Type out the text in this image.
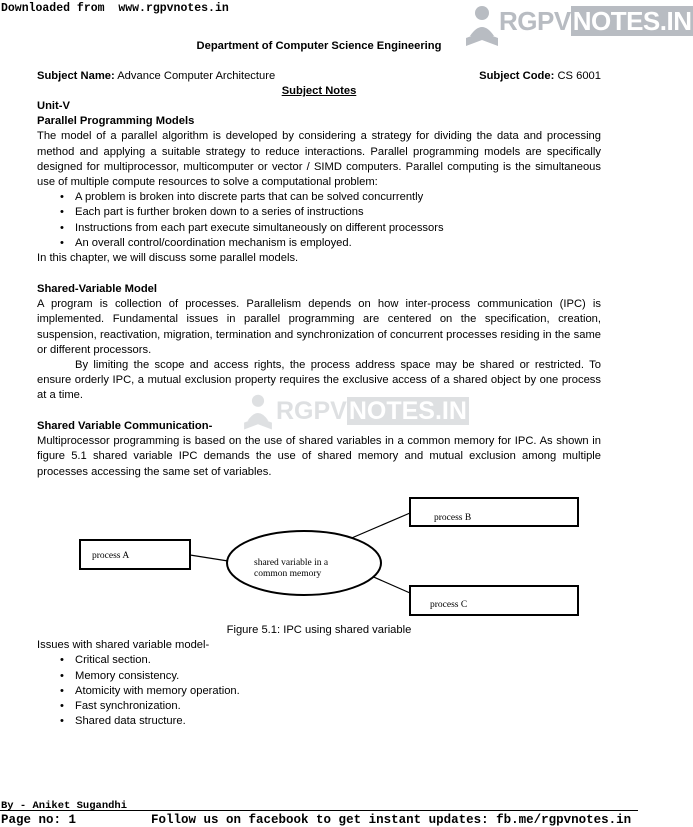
Downloaded from www.rgpvnotes.in	RGPVNOTES.IN
Department of Computer Science Engineering
Subject Name: Advance Computer Architecture	Subject Code: CS 6001
Subject Notes

Unit-V

Parallel Programming Models

The model of a parallel algorithm is developed by considering a strategy for dividing the data and processing method and applying a suitable strategy to reduce interactions. Parallel programming models are specifically designed for multiprocessor, multicomputer or vector / SIMD computers. Parallel computing is the simultaneous use of multiple compute resources to solve a computational problem:

• A problem is broken into discrete parts that can be solved concurrently
• Each part is further broken down to a series of instructions
• Instructions from each part execute simultaneously on different processors
• An overall control/coordination mechanism is employed.

In this chapter, we will discuss some parallel models.

Shared-Variable Model

A program is collection of processes. Parallelism depends on how inter-process communication (IPC) is implemented. Fundamental issues in parallel programming are centered on the specification, creation, suspension, reactivation, migration, termination and synchronization of concurrent processes residing in the same or different processors.

By limiting the scope and access rights, the process address space may be shared or restricted. To ensure orderly IPC, a mutual exclusion property requires the exclusive access of a shared object by one process at a time.

RGPVNOTES.IN

Shared Variable Communication-

Multiprocessor programming is based on the use of shared variables in a common memory for IPC. As shown in figure 5.1 shared variable IPC demands the use of shared memory and mutual exclusion among multiple processes accessing the same set of variables.

process A
process B
process C
shared variable in a
common memory

Figure 5.1: IPC using shared variable

Issues with shared variable model-

• Critical section.
• Memory consistency.
• Atomicity with memory operation.
• Fast synchronization.
• Shared data structure.
By - Aniket Sugandhi
Page no: 1	Follow us on facebook to get instant updates: fb.me/rgpvnotes.in
